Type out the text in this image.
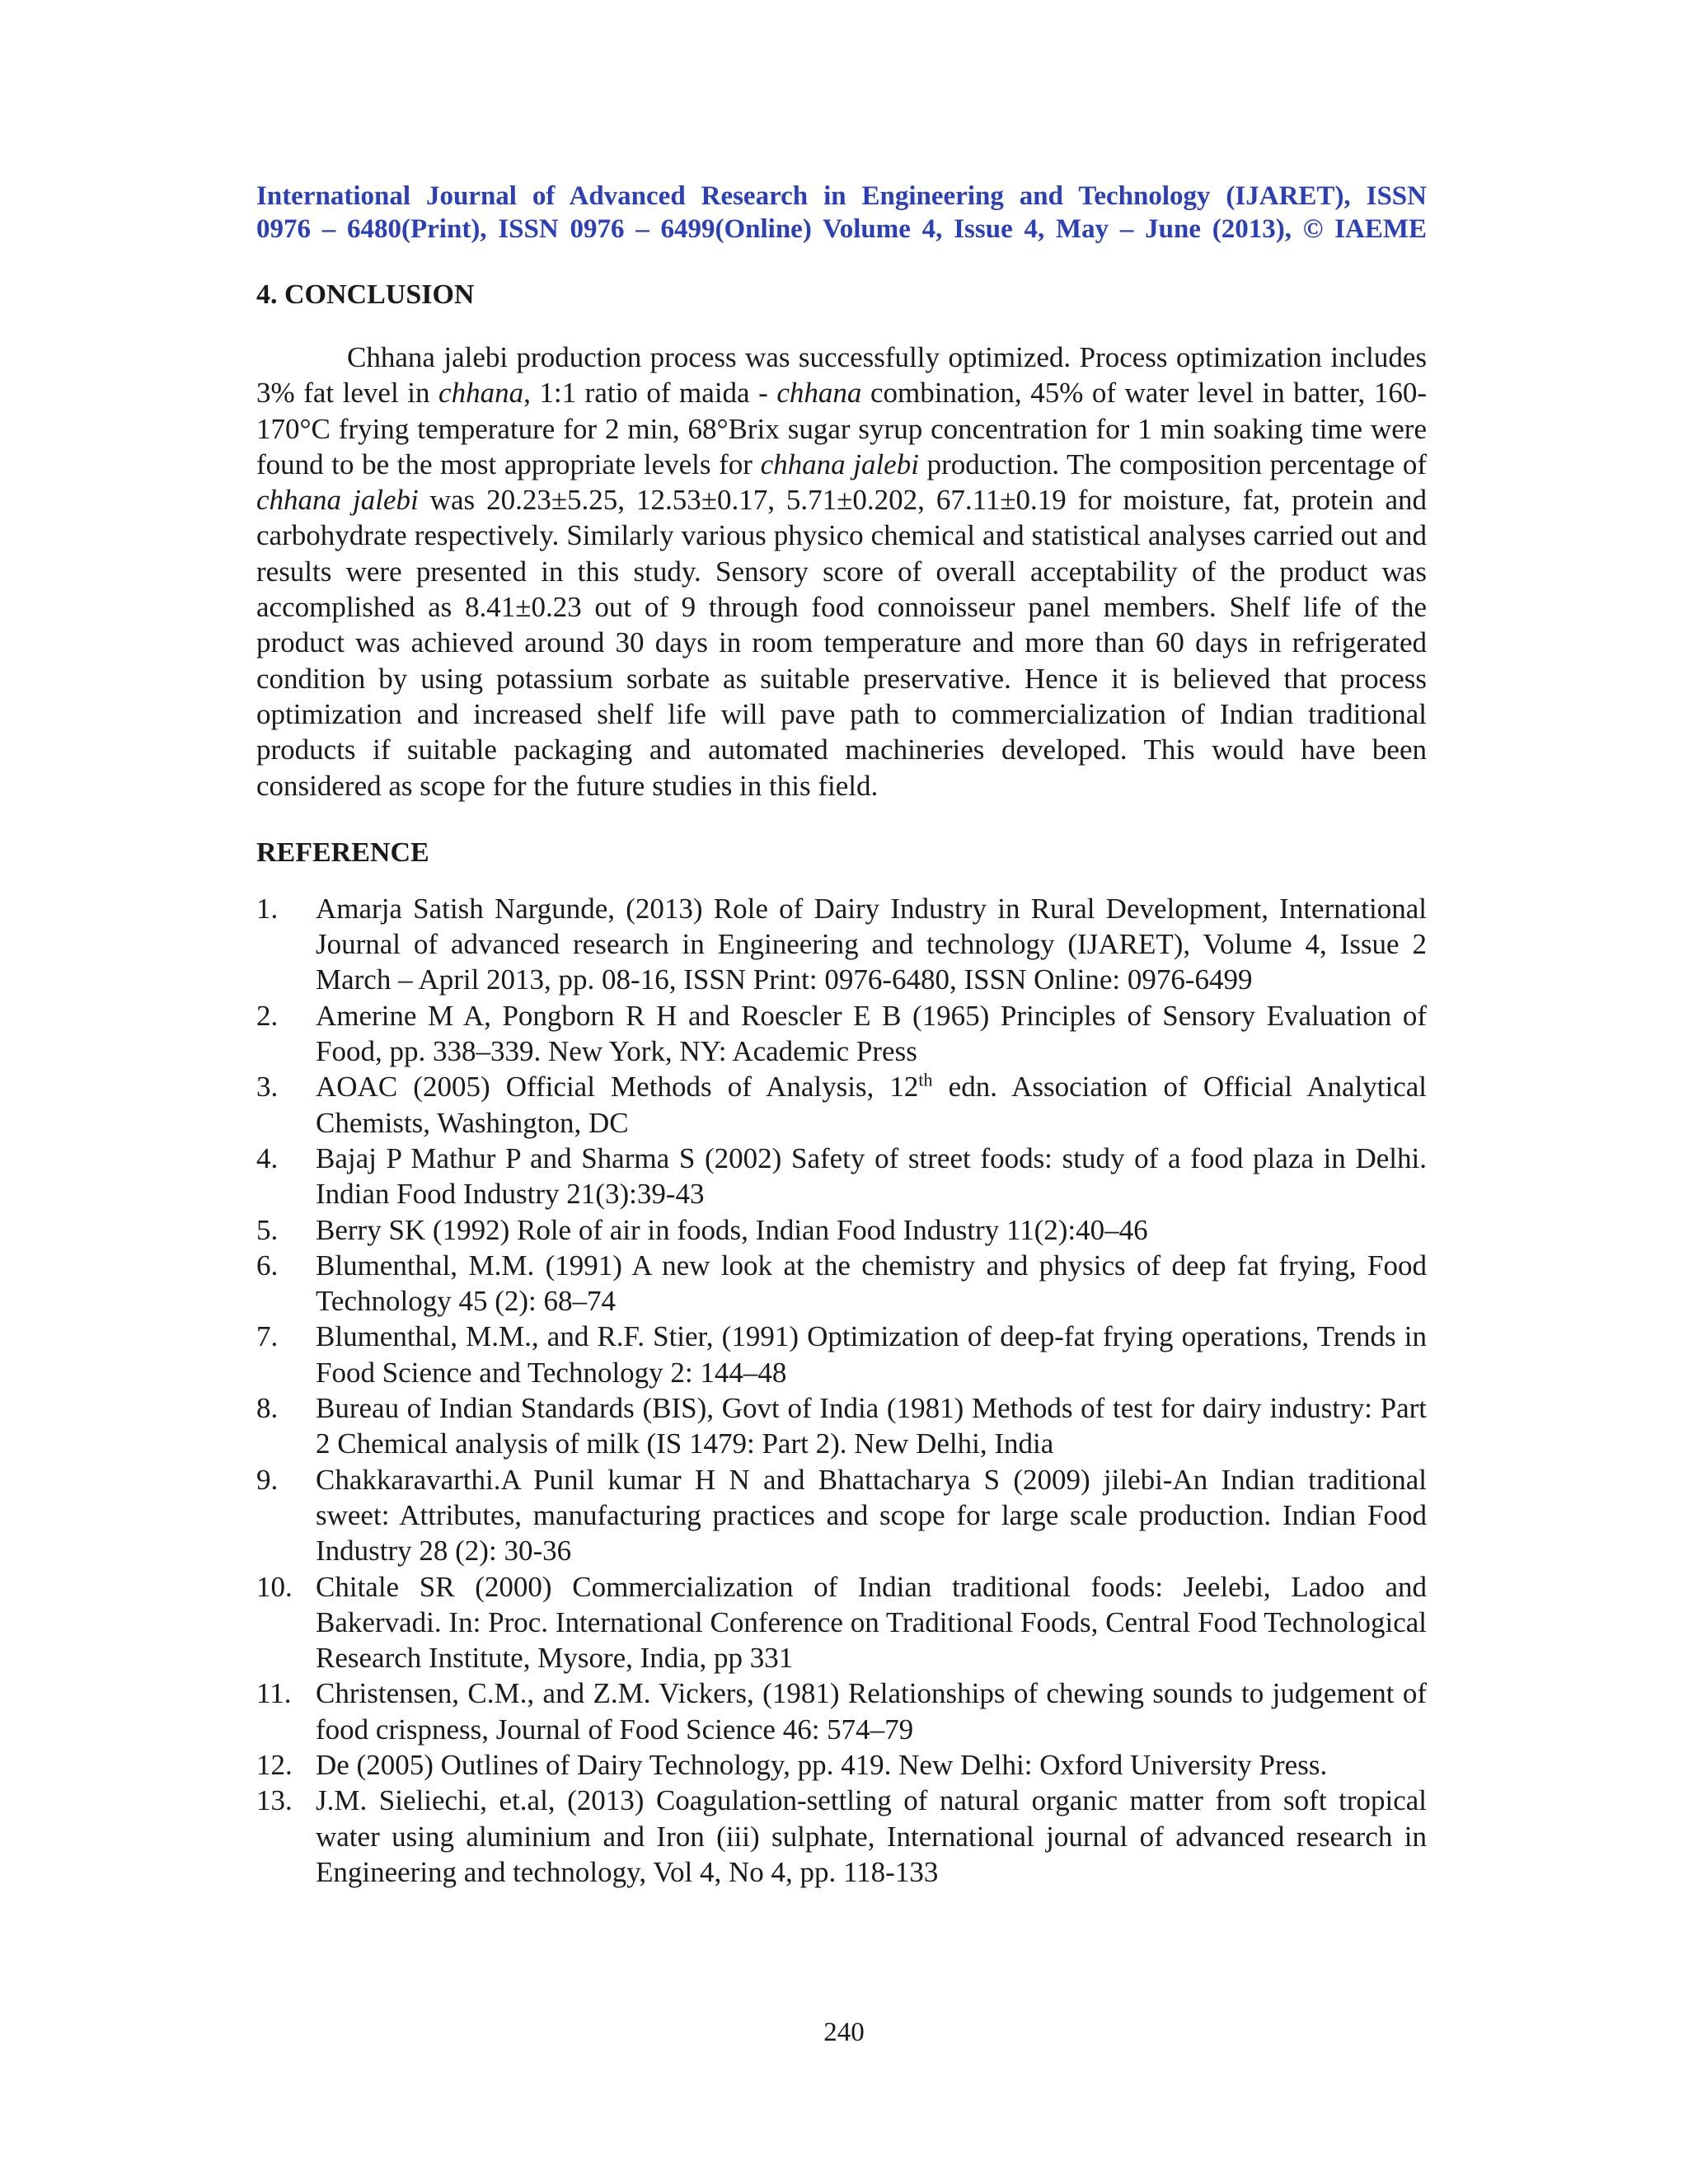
International Journal of Advanced Research in Engineering and Technology (IJARET), ISSN
0976 – 6480(Print), ISSN 0976 – 6499(Online) Volume 4, Issue 4, May – June (2013), © IAEME
4. CONCLUSION

Chhana jalebi production process was successfully optimized. Process optimization includes 3% fat level in chhana, 1:1 ratio of maida - chhana combination, 45% of water level in batter, 160-170°C frying temperature for 2 min, 68°Brix sugar syrup concentration for 1 min soaking time were found to be the most appropriate levels for chhana jalebi production. The composition percentage of chhana jalebi was 20.23±5.25, 12.53±0.17, 5.71±0.202, 67.11±0.19 for moisture, fat, protein and carbohydrate respectively. Similarly various physico chemical and statistical analyses carried out and results were presented in this study. Sensory score of overall acceptability of the product was accomplished as 8.41±0.23 out of 9 through food connoisseur panel members. Shelf life of the product was achieved around 30 days in room temperature and more than 60 days in refrigerated condition by using potassium sorbate as suitable preservative. Hence it is believed that process optimization and increased shelf life will pave path to commercialization of Indian traditional products if suitable packaging and automated machineries developed. This would have been considered as scope for the future studies in this field.

REFERENCE
1.	Amarja Satish Nargunde, (2013) Role of Dairy Industry in Rural Development, International Journal of advanced research in Engineering and technology (IJARET), Volume 4, Issue 2 March – April 2013, pp. 08-16, ISSN Print: 0976-6480, ISSN Online: 0976-6499
2.	Amerine M A, Pongborn R H and Roescler E B (1965) Principles of Sensory Evaluation of Food, pp. 338–339. New York, NY: Academic Press
3.	AOAC (2005) Official Methods of Analysis, 12th edn. Association of Official Analytical Chemists, Washington, DC
4.	Bajaj P Mathur P and Sharma S (2002) Safety of street foods: study of a food plaza in Delhi. Indian Food Industry 21(3):39-43
5.	Berry SK (1992) Role of air in foods, Indian Food Industry 11(2):40–46
6.	Blumenthal, M.M. (1991) A new look at the chemistry and physics of deep fat frying, Food Technology 45 (2): 68–74
7.	Blumenthal, M.M., and R.F. Stier, (1991) Optimization of deep-fat frying operations, Trends in Food Science and Technology 2: 144–48
8.	Bureau of Indian Standards (BIS), Govt of India (1981) Methods of test for dairy industry: Part 2 Chemical analysis of milk (IS 1479: Part 2). New Delhi, India
9.	Chakkaravarthi.A Punil kumar H N and Bhattacharya S (2009) jilebi-An Indian traditional sweet: Attributes, manufacturing practices and scope for large scale production. Indian Food Industry 28 (2): 30-36
10. Chitale SR (2000) Commercialization of Indian traditional foods: Jeelebi, Ladoo and Bakervadi. In: Proc. International Conference on Traditional Foods, Central Food Technological Research Institute, Mysore, India, pp 331
11. Christensen, C.M., and Z.M. Vickers, (1981) Relationships of chewing sounds to judgement of food crispness, Journal of Food Science 46: 574–79
12. De (2005) Outlines of Dairy Technology, pp. 419. New Delhi: Oxford University Press.
13. J.M. Sieliechi, et.al, (2013) Coagulation-settling of natural organic matter from soft tropical water using aluminium and Iron (iii) sulphate, International journal of advanced research in Engineering and technology, Vol 4, No 4, pp. 118-133
240
